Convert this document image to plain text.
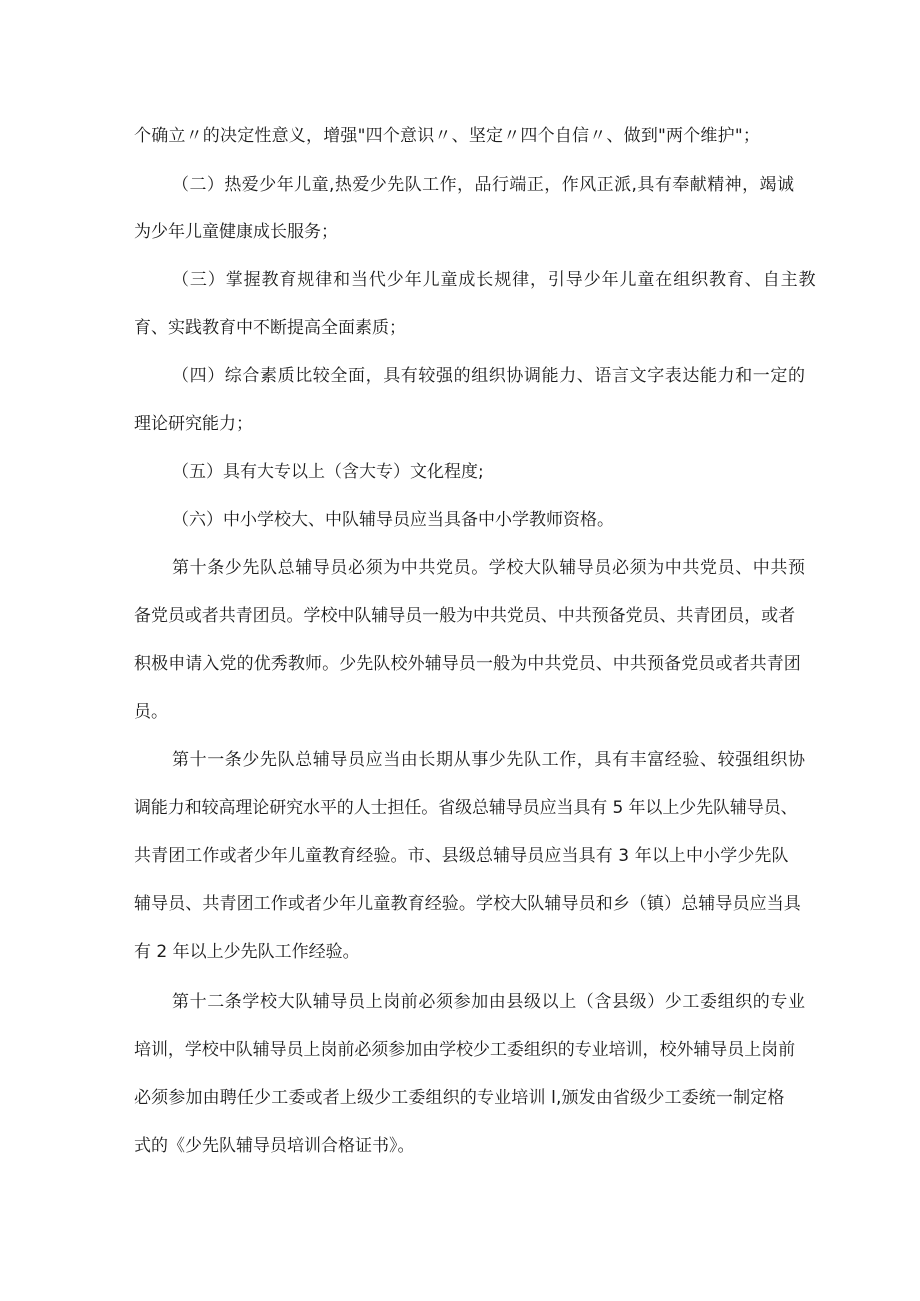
个确立〃的决定性意义，增强"四个意识〃、坚定〃四个自信〃、做到"两个维护"；
（二）热爱少年儿童,热爱少先队工作，品行端正，作风正派,具有奉献精神，竭诚
为少年儿童健康成长服务；
（三）掌握教育规律和当代少年儿童成长规律，引导少年儿童在组织教育、自主教
育、实践教育中不断提高全面素质；
（四）综合素质比较全面，具有较强的组织协调能力、语言文字表达能力和一定的
理论研究能力；
（五）具有大专以上（含大专）文化程度;
（六）中小学校大、中队辅导员应当具备中小学教师资格。
第十条少先队总辅导员必须为中共党员。学校大队辅导员必须为中共党员、中共预
备党员或者共青团员。学校中队辅导员一般为中共党员、中共预备党员、共青团员，或者
积极申请入党的优秀教师。少先队校外辅导员一般为中共党员、中共预备党员或者共青团
员。
第十一条少先队总辅导员应当由长期从事少先队工作，具有丰富经验、较强组织协
调能力和较高理论研究水平的人士担任。省级总辅导员应当具有 5 年以上少先队辅导员、
共青团工作或者少年儿童教育经验。市、县级总辅导员应当具有 3 年以上中小学少先队
辅导员、共青团工作或者少年儿童教育经验。学校大队辅导员和乡（镇）总辅导员应当具
有 2 年以上少先队工作经验。
第十二条学校大队辅导员上岗前必须参加由县级以上（含县级）少工委组织的专业
培训，学校中队辅导员上岗前必须参加由学校少工委组织的专业培训，校外辅导员上岗前
必须参加由聘任少工委或者上级少工委组织的专业培训 l,颁发由省级少工委统一制定格
式的《少先队辅导员培训合格证书》。
